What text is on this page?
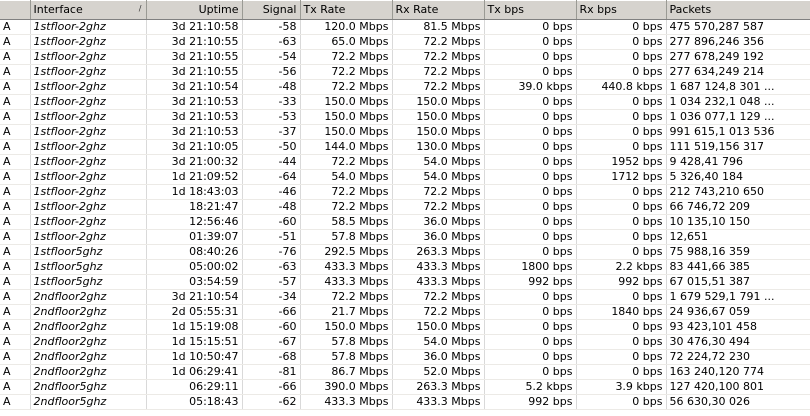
	Interface /	Uptime	Signal	Tx Rate	Rx Rate	Tx bps	Rx bps	Packets
A	1stfloor-2ghz	3d 21:10:58	-58	120.0 Mbps	81.5 Mbps	0 bps	0 bps	475 570,287 587
A	1stfloor-2ghz	3d 21:10:55	-63	65.0 Mbps	72.2 Mbps	0 bps	0 bps	277 896,246 356
A	1stfloor-2ghz	3d 21:10:55	-54	72.2 Mbps	72.2 Mbps	0 bps	0 bps	277 678,249 192
A	1stfloor-2ghz	3d 21:10:55	-56	72.2 Mbps	72.2 Mbps	0 bps	0 bps	277 634,249 214
A	1stfloor-2ghz	3d 21:10:54	-48	72.2 Mbps	72.2 Mbps	39.0 kbps	440.8 kbps	1 687 124,8 301 ...
A	1stfloor-2ghz	3d 21:10:53	-33	150.0 Mbps	150.0 Mbps	0 bps	0 bps	1 034 232,1 048 ...
A	1stfloor-2ghz	3d 21:10:53	-53	150.0 Mbps	150.0 Mbps	0 bps	0 bps	1 036 077,1 129 ...
A	1stfloor-2ghz	3d 21:10:53	-37	150.0 Mbps	150.0 Mbps	0 bps	0 bps	991 615,1 013 536
A	1stfloor-2ghz	3d 21:10:05	-50	144.0 Mbps	130.0 Mbps	0 bps	0 bps	111 519,156 317
A	1stfloor-2ghz	3d 21:00:32	-44	72.2 Mbps	54.0 Mbps	0 bps	1952 bps	9 428,41 796
A	1stfloor-2ghz	1d 21:09:52	-64	54.0 Mbps	54.0 Mbps	0 bps	1712 bps	5 326,40 184
A	1stfloor-2ghz	1d 18:43:03	-46	72.2 Mbps	72.2 Mbps	0 bps	0 bps	212 743,210 650
A	1stfloor-2ghz	18:21:47	-48	72.2 Mbps	72.2 Mbps	0 bps	0 bps	66 746,72 209
A	1stfloor-2ghz	12:56:46	-60	58.5 Mbps	36.0 Mbps	0 bps	0 bps	10 135,10 150
A	1stfloor-2ghz	01:39:07	-51	57.8 Mbps	36.0 Mbps	0 bps	0 bps	12,651
A	1stfloor5ghz	08:40:26	-76	292.5 Mbps	263.3 Mbps	0 bps	0 bps	75 988,16 359
A	1stfloor5ghz	05:00:02	-63	433.3 Mbps	433.3 Mbps	1800 bps	2.2 kbps	83 441,66 385
A	1stfloor5ghz	03:54:59	-57	433.3 Mbps	433.3 Mbps	992 bps	992 bps	67 015,51 387
A	2ndfloor2ghz	3d 21:10:54	-34	72.2 Mbps	72.2 Mbps	0 bps	0 bps	1 679 529,1 791 ...
A	2ndfloor2ghz	2d 05:55:31	-66	21.7 Mbps	72.2 Mbps	0 bps	1840 bps	24 936,67 059
A	2ndfloor2ghz	1d 15:19:08	-60	150.0 Mbps	150.0 Mbps	0 bps	0 bps	93 423,101 458
A	2ndfloor2ghz	1d 15:15:51	-67	57.8 Mbps	54.0 Mbps	0 bps	0 bps	30 476,30 494
A	2ndfloor2ghz	1d 10:50:47	-68	57.8 Mbps	36.0 Mbps	0 bps	0 bps	72 224,72 230
A	2ndfloor2ghz	1d 06:29:41	-81	86.7 Mbps	52.0 Mbps	0 bps	0 bps	163 240,120 774
A	2ndfloor5ghz	06:29:11	-66	390.0 Mbps	263.3 Mbps	5.2 kbps	3.9 kbps	127 420,100 801
A	2ndfloor5ghz	05:18:43	-62	433.3 Mbps	433.3 Mbps	992 bps	0 bps	56 630,30 026
